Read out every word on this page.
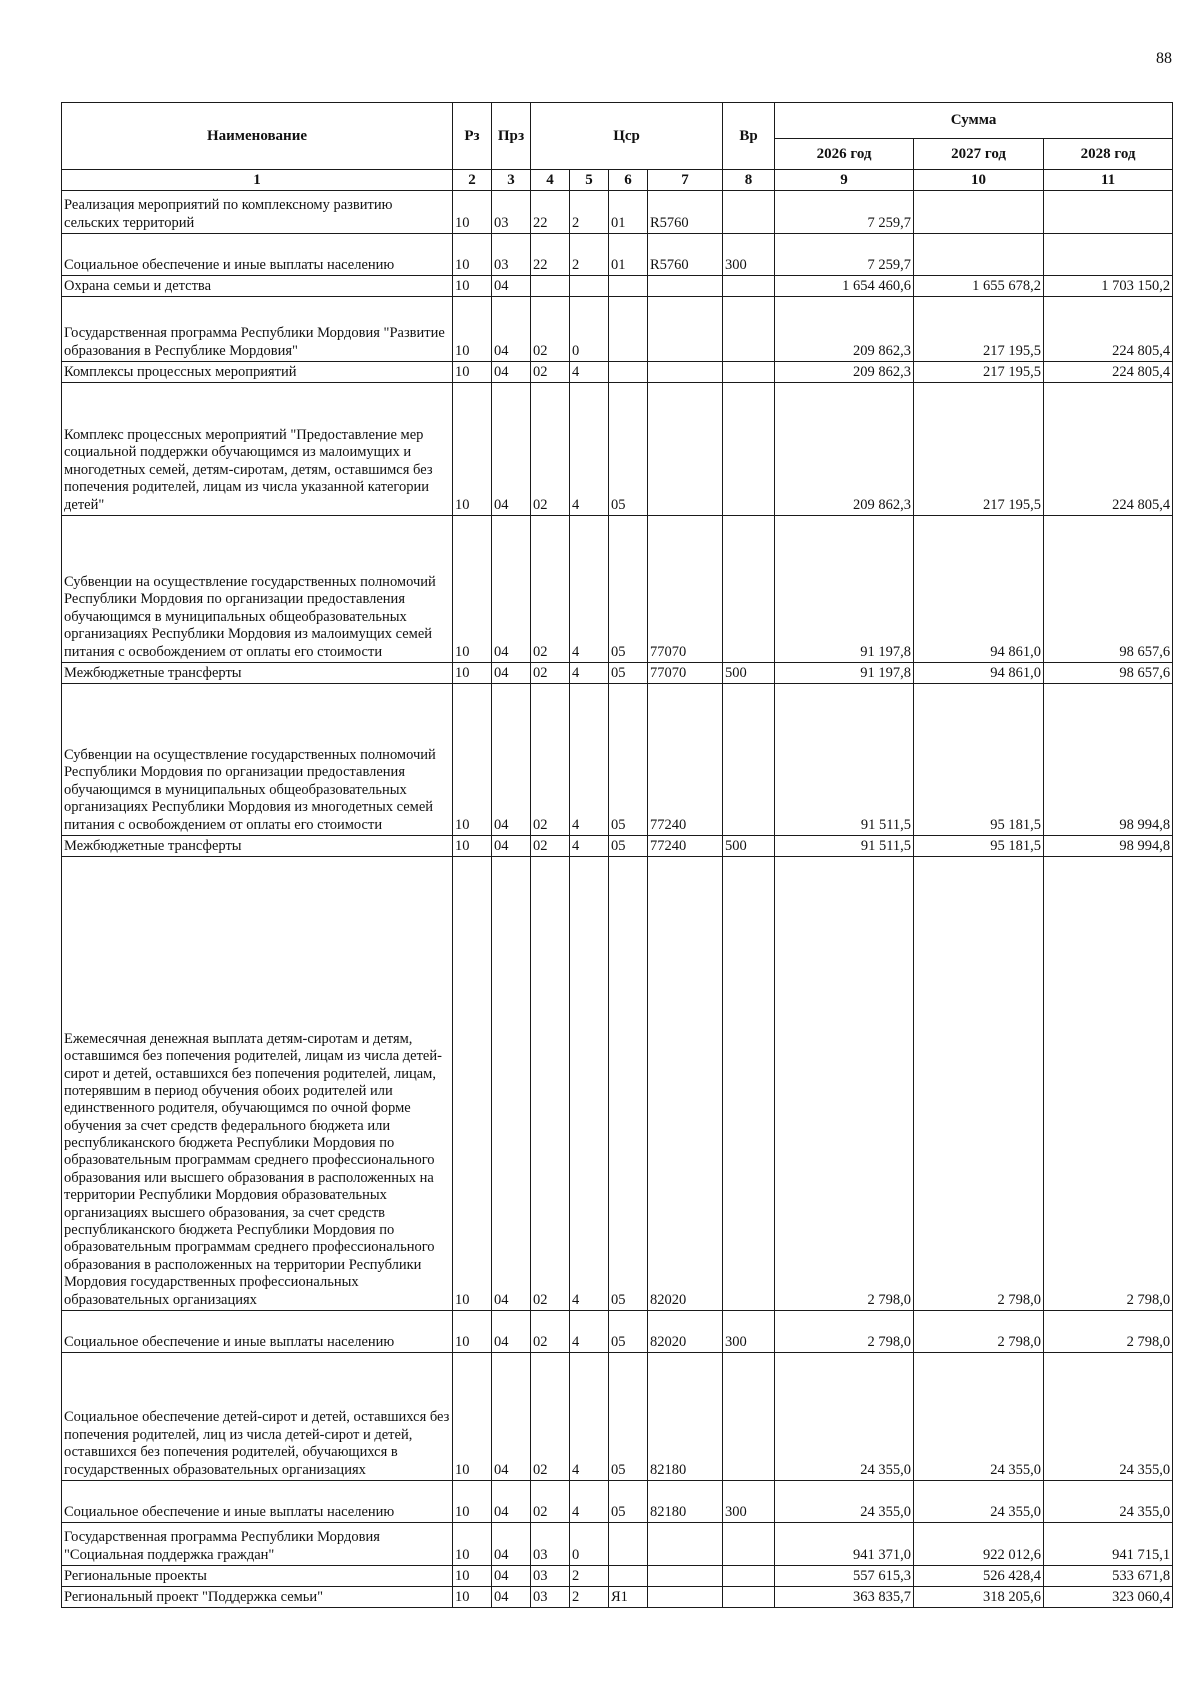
88
Наименование	Рз	Прз	Цср				Вр	Сумма		
								2026 год	2027 год	2028 год
1	2	3	4	5	6	7	8	9	10	11
Реализация мероприятий по комплексному развитию сельских территорий	10	03	22	2	01	R5760		7 259,7		
Социальное обеспечение и иные выплаты населению	10	03	22	2	01	R5760	300	7 259,7		
Охрана семьи и детства	10	04						1 654 460,6	1 655 678,2	1 703 150,2
Государственная программа Республики Мордовия "Развитие образования в Республике Мордовия"	10	04	02	0				209 862,3	217 195,5	224 805,4
Комплексы процессных мероприятий	10	04	02	4				209 862,3	217 195,5	224 805,4
Комплекс процессных мероприятий "Предоставление мер социальной поддержки обучающимся из малоимущих и многодетных семей, детям-сиротам, детям, оставшимся без попечения родителей, лицам из числа указанной категории детей"	10	04	02	4	05			209 862,3	217 195,5	224 805,4
Субвенции на осуществление государственных полномочий Республики Мордовия по организации предоставления обучающимся в муниципальных общеобразовательных организациях Республики Мордовия из малоимущих семей питания с освобождением от оплаты его стоимости	10	04	02	4	05	77070		91 197,8	94 861,0	98 657,6
Межбюджетные трансферты	10	04	02	4	05	77070	500	91 197,8	94 861,0	98 657,6
Субвенции на осуществление государственных полномочий Республики Мордовия по организации предоставления обучающимся в муниципальных общеобразовательных организациях Республики Мордовия из многодетных семей питания с освобождением от оплаты его стоимости	10	04	02	4	05	77240		91 511,5	95 181,5	98 994,8
Межбюджетные трансферты	10	04	02	4	05	77240	500	91 511,5	95 181,5	98 994,8
Ежемесячная денежная выплата детям-сиротам и детям, оставшимся без попечения родителей, лицам из числа детей-сирот и детей, оставшихся без попечения родителей, лицам, потерявшим в период обучения обоих родителей или единственного родителя, обучающимся по очной форме обучения за счет средств федерального бюджета или республиканского бюджета Республики Мордовия по образовательным программам среднего профессионального образования или высшего образования в расположенных на территории Республики Мордовия образовательных организациях высшего образования, за счет средств республиканского бюджета Республики Мордовия по образовательным программам среднего профессионального образования в расположенных на территории Республики Мордовия государственных профессиональных образовательных организациях	10	04	02	4	05	82020		2 798,0	2 798,0	2 798,0
Социальное обеспечение и иные выплаты населению	10	04	02	4	05	82020	300	2 798,0	2 798,0	2 798,0
Социальное обеспечение детей-сирот и детей, оставшихся без попечения родителей, лиц из числа детей-сирот и детей, оставшихся без попечения родителей, обучающихся в государственных образовательных организациях	10	04	02	4	05	82180		24 355,0	24 355,0	24 355,0
Социальное обеспечение и иные выплаты населению	10	04	02	4	05	82180	300	24 355,0	24 355,0	24 355,0
Государственная программа Республики Мордовия "Социальная поддержка граждан"	10	04	03	0				941 371,0	922 012,6	941 715,1
Региональные проекты	10	04	03	2				557 615,3	526 428,4	533 671,8
Региональный проект "Поддержка семьи"	10	04	03	2	Я1			363 835,7	318 205,6	323 060,4
